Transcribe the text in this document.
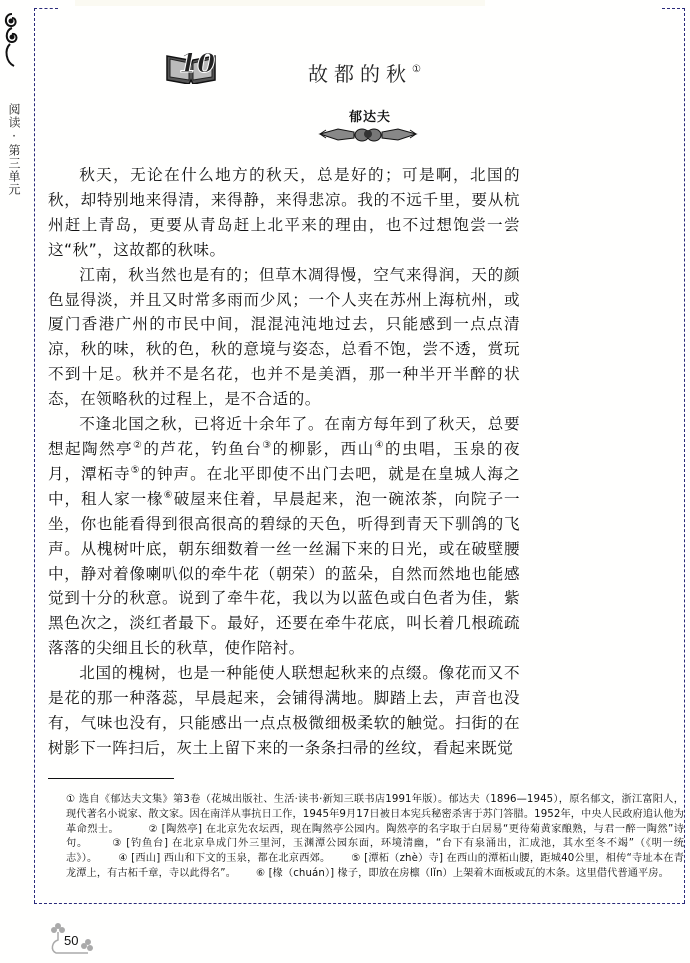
阅读·第三单元
10	故都的秋①
郁达夫

秋天，无论在什么地方的秋天，总是好的；可是啊，北国的秋，却特别地来得清，来得静，来得悲凉。我的不远千里，要从杭州赶上青岛，更要从青岛赶上北平来的理由，也不过想饱尝一尝这“秋”，这故都的秋味。

江南，秋当然也是有的；但草木凋得慢，空气来得润，天的颜色显得淡，并且又时常多雨而少风；一个人夹在苏州上海杭州，或厦门香港广州的市民中间，混混沌沌地过去，只能感到一点点清凉，秋的味，秋的色，秋的意境与姿态，总看不饱，尝不透，赏玩不到十足。秋并不是名花，也并不是美酒，那一种半开半醉的状态，在领略秋的过程上，是不合适的。

不逢北国之秋，已将近十余年了。在南方每年到了秋天，总要想起陶然亭②的芦花，钓鱼台③的柳影，西山④的虫唱，玉泉的夜月，潭柘寺⑤的钟声。在北平即使不出门去吧，就是在皇城人海之中，租人家一椽⑥破屋来住着，早晨起来，泡一碗浓茶，向院子一坐，你也能看得到很高很高的碧绿的天色，听得到青天下驯鸽的飞声。从槐树叶底，朝东细数着一丝一丝漏下来的日光，或在破壁腰中，静对着像喇叭似的牵牛花（朝荣）的蓝朵，自然而然地也能感觉到十分的秋意。说到了牵牛花，我以为以蓝色或白色者为佳，紫黑色次之，淡红者最下。最好，还要在牵牛花底，叫长着几根疏疏落落的尖细且长的秋草，使作陪衬。

北国的槐树，也是一种能使人联想起秋来的点缀。像花而又不是花的那一种落蕊，早晨起来，会铺得满地。脚踏上去，声音也没有，气味也没有，只能感出一点点极微细极柔软的触觉。扫街的在树影下一阵扫后，灰土上留下来的一条条扫帚的丝纹，看起来既觉

① 选自《郁达夫文集》第3卷（花城出版社、生活·读书·新知三联书店1991年版）。郁达夫（1896—1945），原名郁文，浙江富阳人，现代著名小说家、散文家。因在南洋从事抗日工作，1945年9月17日被日本宪兵秘密杀害于苏门答腊。1952年，中央人民政府追认他为革命烈士。	② [陶然亭] 在北京先农坛西，现在陶然亭公园内。陶然亭的名字取于白居易“更待菊黄家酿熟，与君一醉一陶然”诗句。 ③ [钓鱼台] 在北京阜成门外三里河，玉渊潭公园东面，环境清幽，“台下有泉涌出，汇成池，其水至冬不竭”（《明一统志》）。 ④ [西山] 西山和下文的玉泉，都在北京西郊。 ⑤ [潭柘（zhè）寺] 在西山的潭柘山腰，距城40公里，相传“寺址本在青龙潭上，有古柘千章，寺以此得名”。 ⑥ [椽（chuán）] 椽子，即放在房檩（lǐn）上架着木面板或瓦的木条。这里借代普通平房。
50
